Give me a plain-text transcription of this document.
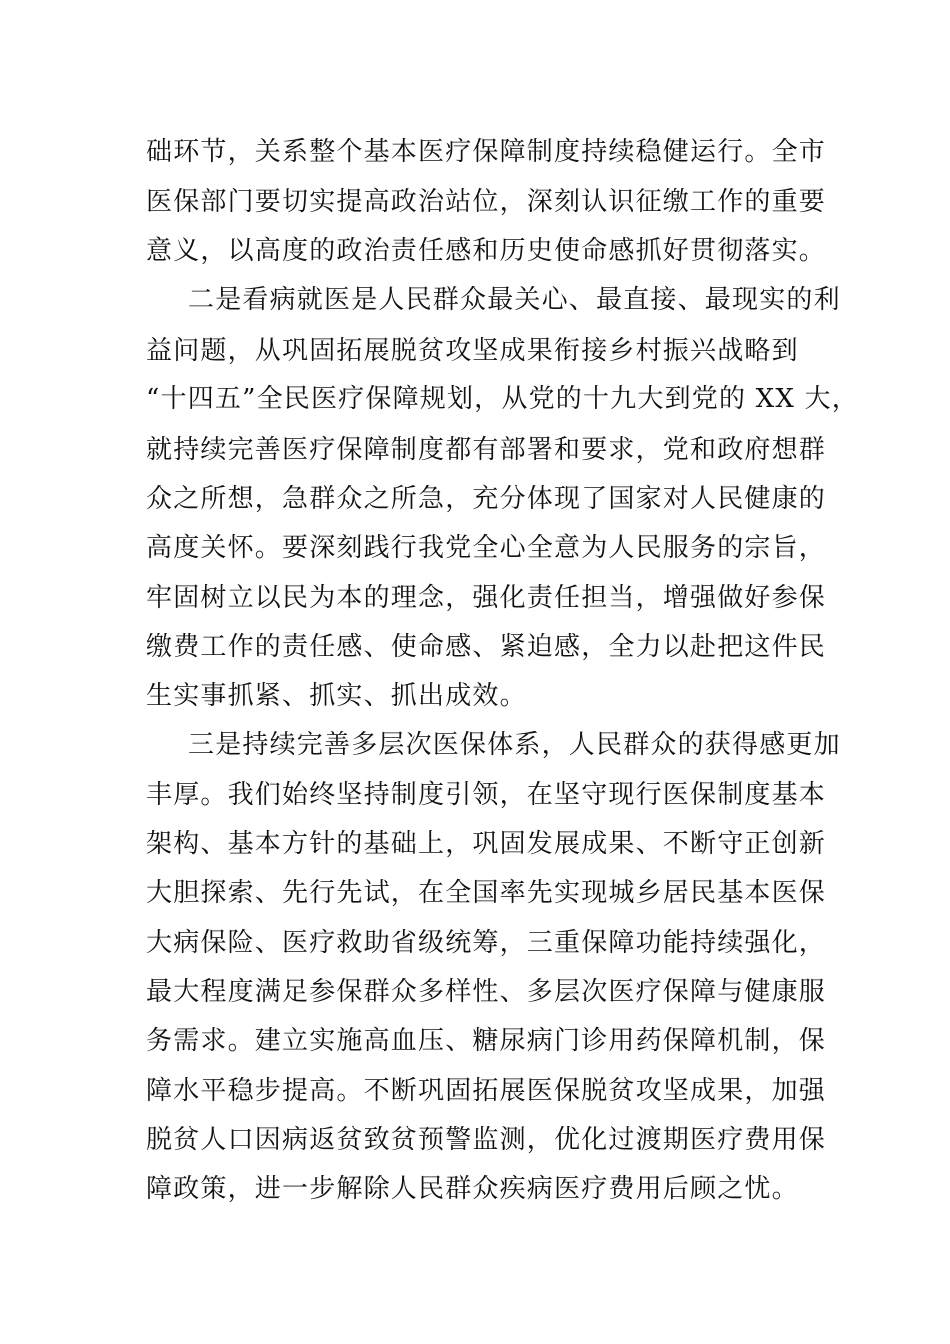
础环节，关系整个基本医疗保障制度持续稳健运行。全市
医保部门要切实提高政治站位，深刻认识征缴工作的重要
意义，以高度的政治责任感和历史使命感抓好贯彻落实。
二是看病就医是人民群众最关心、最直接、最现实的利
益问题，从巩固拓展脱贫攻坚成果衔接乡村振兴战略到
“十四五”全民医疗保障规划，从党的十九大到党的 XX 大，
就持续完善医疗保障制度都有部署和要求，党和政府想群
众之所想，急群众之所急，充分体现了国家对人民健康的
高度关怀。要深刻践行我党全心全意为人民服务的宗旨，
牢固树立以民为本的理念，强化责任担当，增强做好参保
缴费工作的责任感、使命感、紧迫感，全力以赴把这件民
生实事抓紧、抓实、抓出成效。
三是持续完善多层次医保体系，人民群众的获得感更加
丰厚。我们始终坚持制度引领，在坚守现行医保制度基本
架构、基本方针的基础上，巩固发展成果、不断守正创新
大胆探索、先行先试，在全国率先实现城乡居民基本医保
大病保险、医疗救助省级统筹，三重保障功能持续强化，
最大程度满足参保群众多样性、多层次医疗保障与健康服
务需求。建立实施高血压、糖尿病门诊用药保障机制，保
障水平稳步提高。不断巩固拓展医保脱贫攻坚成果，加强
脱贫人口因病返贫致贫预警监测，优化过渡期医疗费用保
障政策，进一步解除人民群众疾病医疗费用后顾之忧。
